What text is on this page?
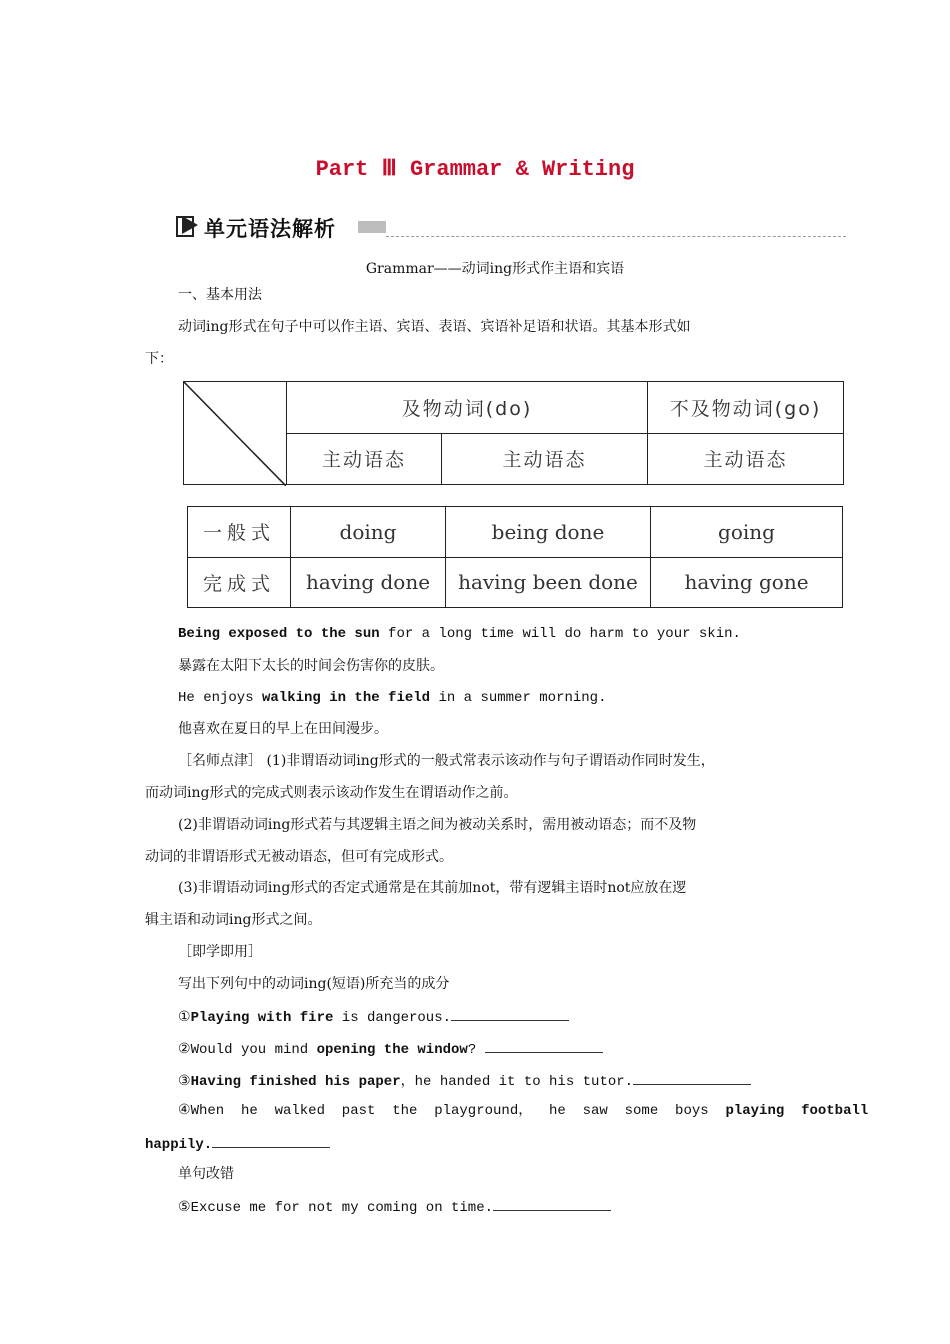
Part Ⅲ Grammar & Writing
单元语法解析
Grammar——动词ing形式作主语和宾语
一、基本用法
动词ing形式在句子中可以作主语、宾语、表语、宾语补足语和状语。其基本形式如
下：
	及物动词(do)		不及物动词(go)
	主动语态	主动语态	主动语态
一般式	doing	being done	going
完成式	having done	having been done	having gone
Being exposed to the sun for a long time will do harm to your skin.
暴露在太阳下太长的时间会伤害你的皮肤。
He enjoys walking in the field in a summer morning.
他喜欢在夏日的早上在田间漫步。
［名师点津］ (1)非谓语动词ing形式的一般式常表示该动作与句子谓语动作同时发生，
而动词ing形式的完成式则表示该动作发生在谓语动作之前。
(2)非谓语动词ing形式若与其逻辑主语之间为被动关系时，需用被动语态；而不及物
动词的非谓语形式无被动语态，但可有完成形式。
(3)非谓语动词ing形式的否定式通常是在其前加not，带有逻辑主语时not应放在逻
辑主语和动词ing形式之间。
［即学即用］
写出下列句中的动词ing(短语)所充当的成分
①Playing with fire is dangerous.
②Would you mind opening the window?
③Having finished his paper，he handed it to his tutor.
④When  he  walked  past  the  playground，  he  saw  some  boys  playing  football
happily.
单句改错
⑤Excuse me for not my coming on time.
